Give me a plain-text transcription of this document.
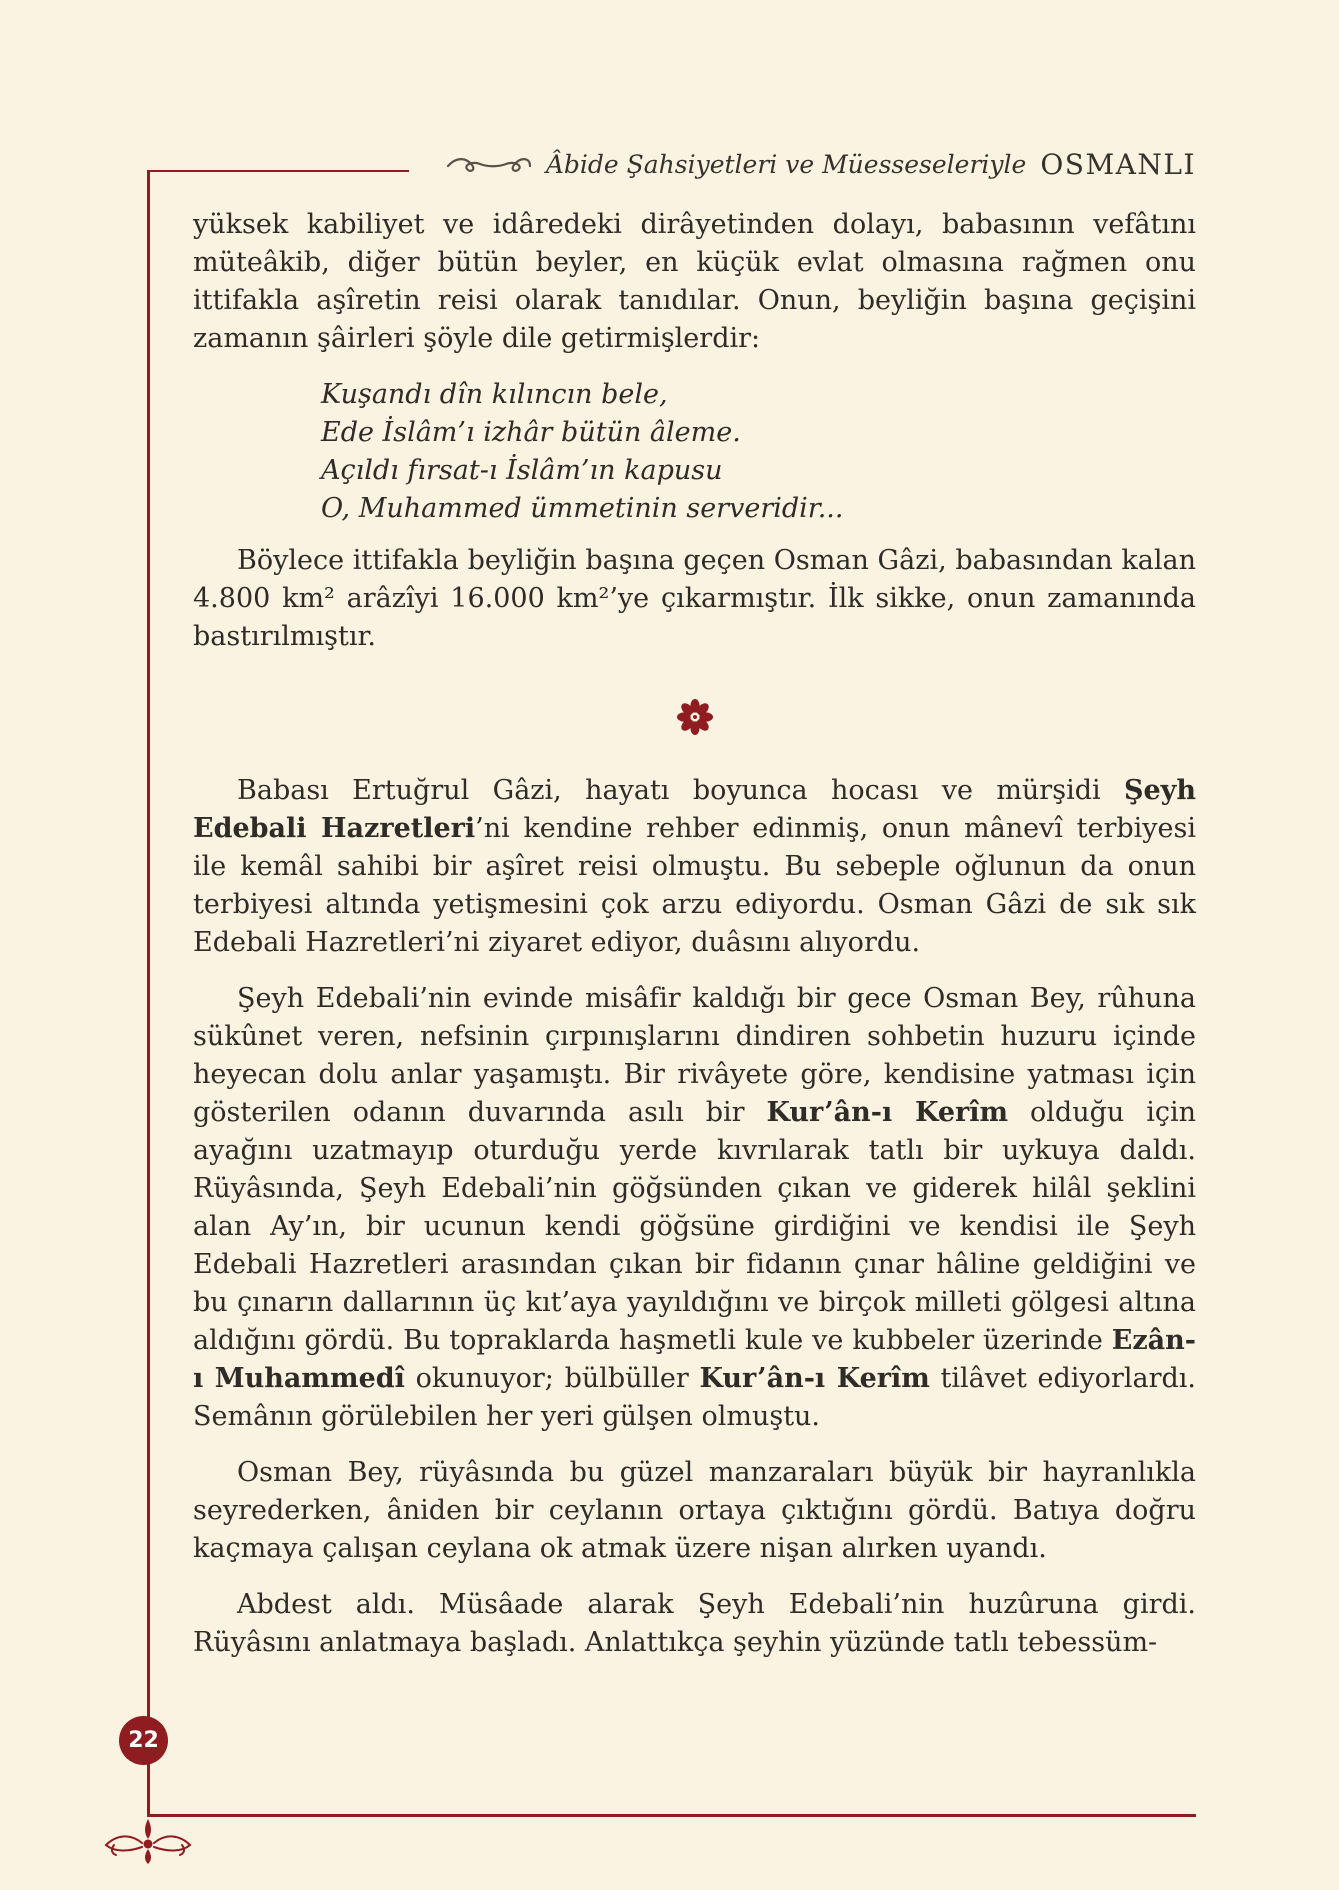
Âbide Şahsiyetleri ve Müesseseleriyle OSMANLI

yüksek kabiliyet ve idâredeki dirâyetinden dolayı, babasının vefâtını müteâkib, diğer bütün beyler, en küçük evlat olmasına rağmen onu ittifakla aşîretin reisi olarak tanıdılar. Onun, beyliğin başına geçişini zamanın şâirleri şöyle dile getirmişlerdir:

Kuşandı dîn kılıncın bele,
Ede İslâm’ı izhâr bütün âleme.
Açıldı fırsat-ı İslâm’ın kapusu
O, Muhammed ümmetinin serveridir...

Böylece ittifakla beyliğin başına geçen Osman Gâzi, babasından kalan 4.800 km² arâzîyi 16.000 km²’ye çıkarmıştır. İlk sikke, onun zamanında bastırılmıştır.

Babası Ertuğrul Gâzi, hayatı boyunca hocası ve mürşidi Şeyh Edebali Hazretleri’ni kendine rehber edinmiş, onun mânevî terbiyesi ile kemâl sahibi bir aşîret reisi olmuştu. Bu sebeple oğlunun da onun terbiyesi altında yetişmesini çok arzu ediyordu. Osman Gâzi de sık sık Edebali Hazretleri’ni ziyaret ediyor, duâsını alıyordu.

Şeyh Edebali’nin evinde misâfir kaldığı bir gece Osman Bey, rûhuna sükûnet veren, nefsinin çırpınışlarını dindiren sohbetin huzuru içinde heyecan dolu anlar yaşamıştı. Bir rivâyete göre, kendisine yatması için gösterilen odanın duvarında asılı bir Kur’ân-ı Kerîm olduğu için ayağını uzatmayıp oturduğu yerde kıvrılarak tatlı bir uykuya daldı. Rüyâsında, Şeyh Edebali’nin göğsünden çıkan ve giderek hilâl şeklini alan Ay’ın, bir ucunun kendi göğsüne girdiğini ve kendisi ile Şeyh Edebali Hazretleri arasından çıkan bir fidanın çınar hâline geldiğini ve bu çınarın dallarının üç kıt’aya yayıldığını ve birçok milleti gölgesi altına aldığını gördü. Bu topraklarda haşmetli kule ve kubbeler üzerinde Ezân-ı Muhammedî okunuyor; bülbüller Kur’ân-ı Kerîm tilâvet ediyorlardı. Semânın görülebilen her yeri gülşen olmuştu.

Osman Bey, rüyâsında bu güzel manzaraları büyük bir hayranlıkla seyrederken, âniden bir ceylanın ortaya çıktığını gördü. Batıya doğru kaçmaya çalışan ceylana ok atmak üzere nişan alırken uyandı.

Abdest aldı. Müsâade alarak Şeyh Edebali’nin huzûruna girdi. Rüyâsını anlatmaya başladı. Anlattıkça şeyhin yüzünde tatlı tebessüm-

22
